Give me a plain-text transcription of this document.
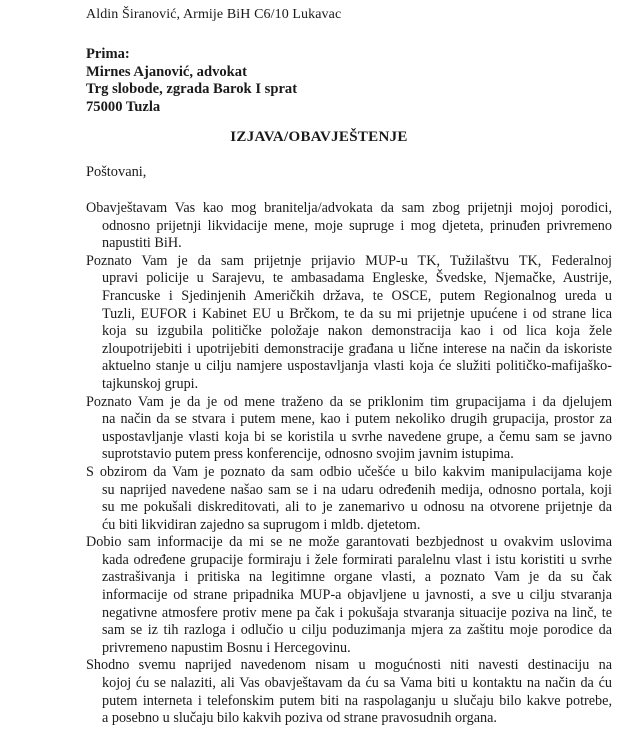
Aldin Širanović, Armije BiH C6/10 Lukavac
Prima:
Mirnes Ajanović, advokat
Trg slobode, zgrada Barok I sprat
75000 Tuzla
IZJAVA/OBAVJEŠTENJE
Poštovani,
Obavještavam Vas kao mog branitelja/advokata da sam zbog prijetnji mojoj porodici,
odnosno prijetnji likvidacije mene, moje supruge i mog djeteta, prinuđen privremeno
napustiti BiH.
Poznato Vam je da sam prijetnje prijavio MUP-u TK, Tužilaštvu TK, Federalnoj
upravi policije u Sarajevu, te ambasadama Engleske, Švedske, Njemačke, Austrije,
Francuske i Sjedinjenih Američkih država, te OSCE, putem Regionalnog ureda u
Tuzli, EUFOR i Kabinet EU u Brčkom, te da su mi prijetnje upućene i od strane lica
koja su izgubila političke položaje nakon demonstracija kao i od lica koja žele
zloupotrijebiti i upotrijebiti demonstracije građana u lične interese na način da iskoriste
aktuelno stanje u cilju namjere uspostavljanja vlasti koja će služiti političko-mafijaško-
tajkunskoj grupi.
Poznato Vam je da je od mene traženo da se priklonim tim grupacijama i da djelujem
na način da se stvara i putem mene, kao i putem nekoliko drugih grupacija, prostor za
uspostavljanje vlasti koja bi se koristila u svrhe navedene grupe, a čemu sam se javno
suprotstavio putem press konferencije, odnosno svojim javnim istupima.
S obzirom da Vam je poznato da sam odbio učešće u bilo kakvim manipulacijama koje
su naprijed navedene našao sam se i na udaru određenih medija, odnosno portala, koji
su me pokušali diskreditovati, ali to je zanemarivo u odnosu na otvorene prijetnje da
ću biti likvidiran zajedno sa suprugom i mldb. djetetom.
Dobio sam informacije da mi se ne može garantovati bezbjednost u ovakvim uslovima
kada određene grupacije formiraju i žele formirati paralelnu vlast i istu koristiti u svrhe
zastrašivanja i pritiska na legitimne organe vlasti, a poznato Vam je da su čak
informacije od strane pripadnika MUP-a objavljene u javnosti, a sve u cilju stvaranja
negativne atmosfere protiv mene pa čak i pokušaja stvaranja situacije poziva na linč, te
sam se iz tih razloga i odlučio u cilju poduzimanja mjera za zaštitu moje porodice da
privremeno napustim Bosnu i Hercegovinu.
Shodno svemu naprijed navedenom nisam u mogućnosti niti navesti destinaciju na
kojoj ću se nalaziti, ali Vas obavještavam da ću sa Vama biti u kontaktu na način da ću
putem interneta i telefonskim putem biti na raspolaganju u slučaju bilo kakve potrebe,
a posebno u slučaju bilo kakvih poziva od strane pravosudnih organa.
